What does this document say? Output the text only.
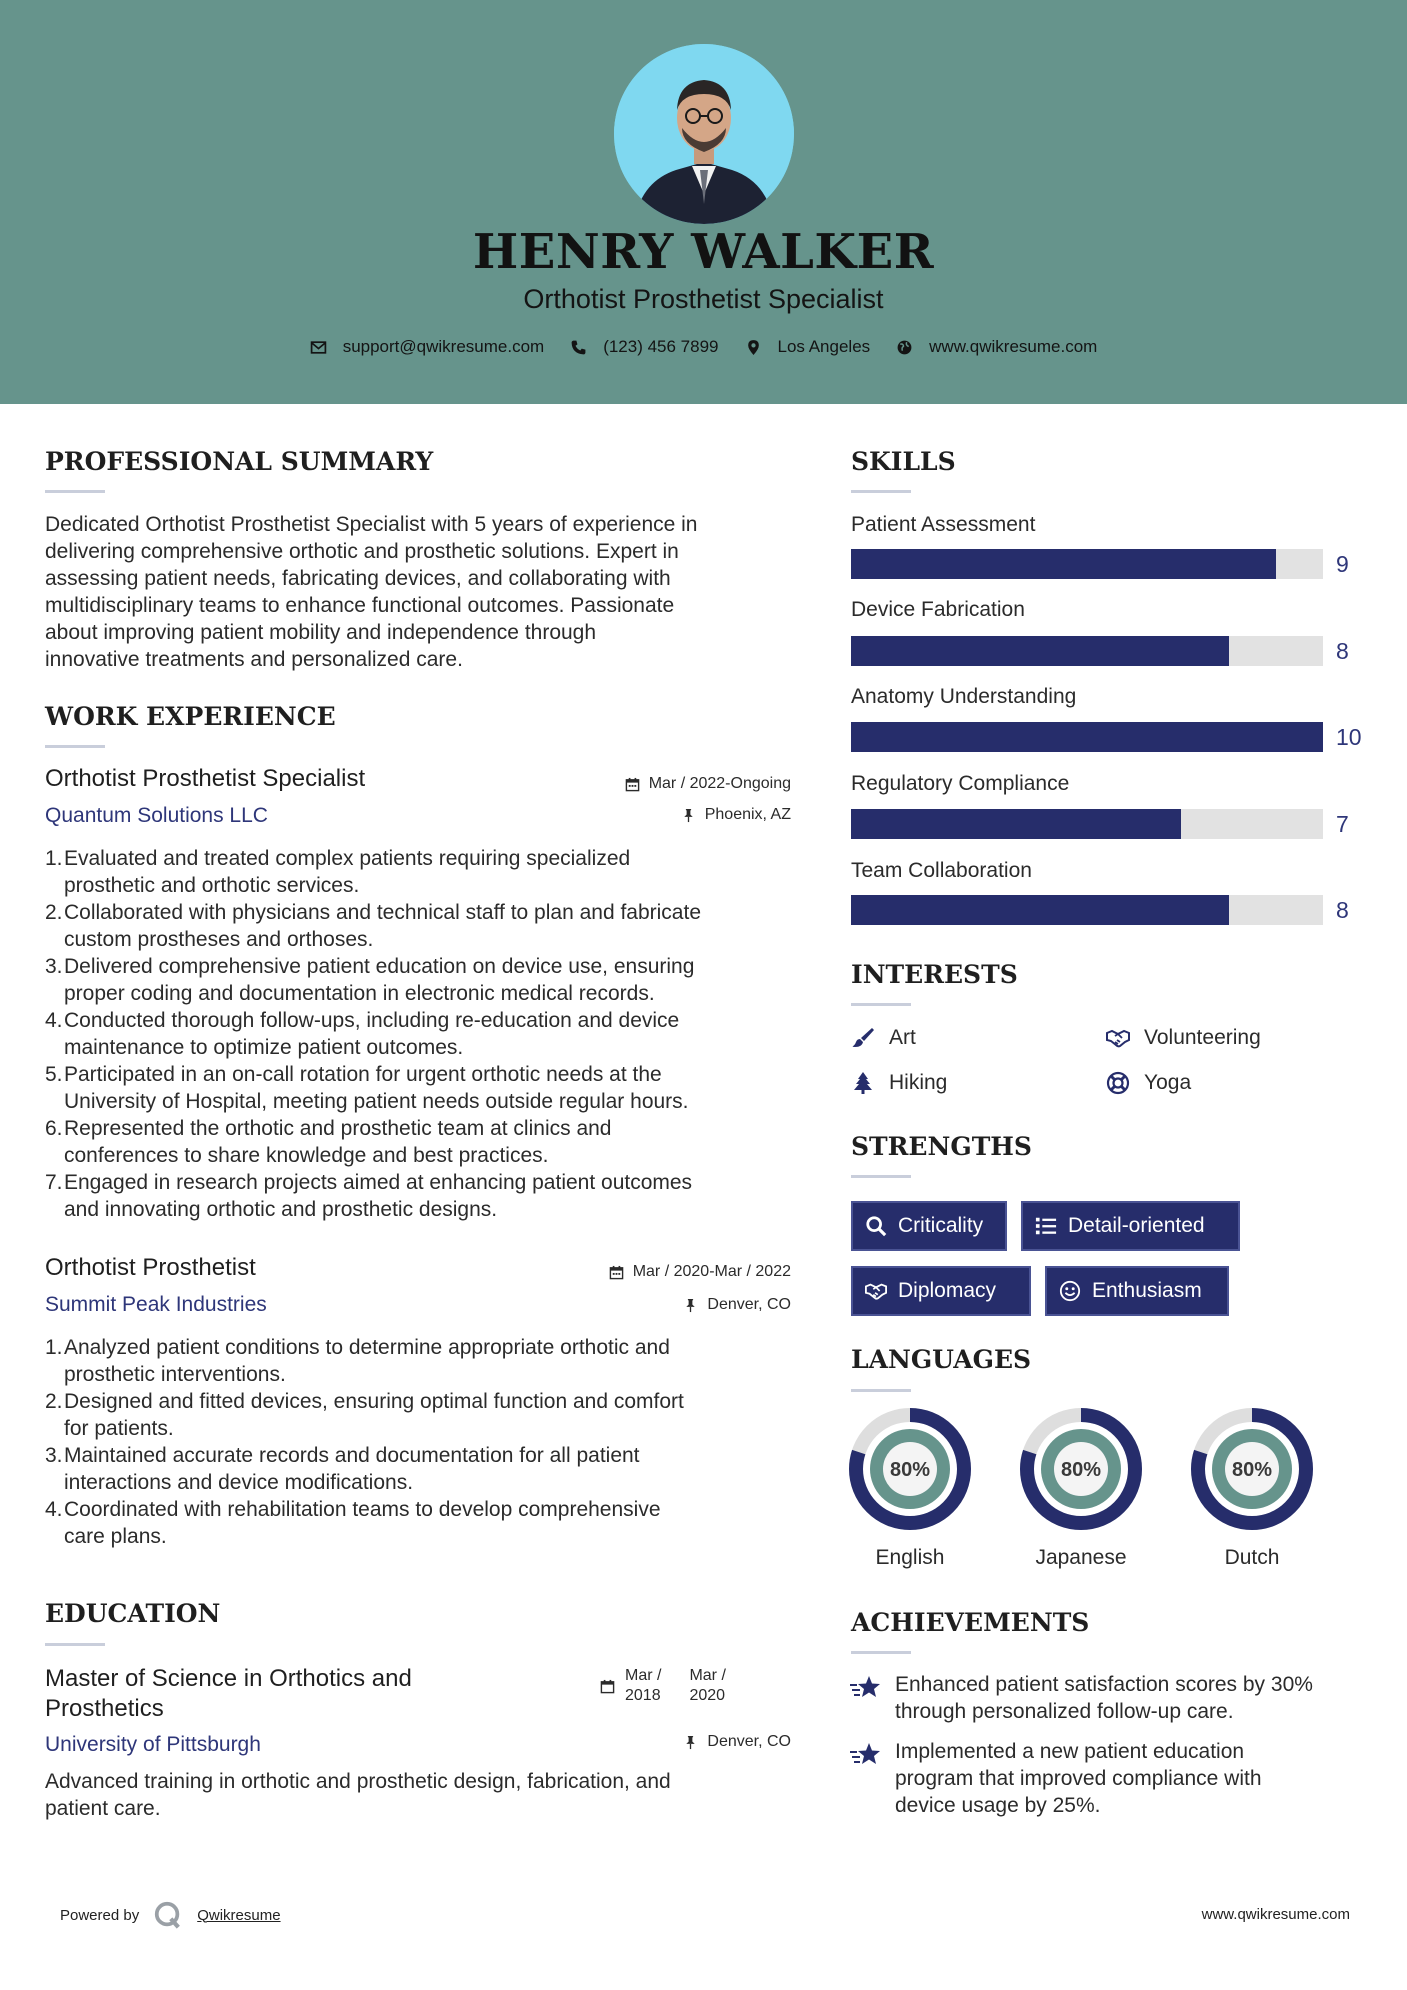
HENRY WALKER
Orthotist Prosthetist Specialist
support@qwikresume.com	(123) 456 7899	Los Angeles	www.qwikresume.com
PROFESSIONAL SUMMARY
Dedicated Orthotist Prosthetist Specialist with 5 years of experience in
delivering comprehensive orthotic and prosthetic solutions. Expert in
assessing patient needs, fabricating devices, and collaborating with
multidisciplinary teams to enhance functional outcomes. Passionate
about improving patient mobility and independence through
innovative treatments and personalized care.
WORK EXPERIENCE
Orthotist Prosthetist Specialist
Quantum Solutions LLC
Mar / 2022-Ongoing
Phoenix, AZ
1. Evaluated and treated complex patients requiring specialized
prosthetic and orthotic services.
2. Collaborated with physicians and technical staff to plan and fabricate
custom prostheses and orthoses.
3. Delivered comprehensive patient education on device use, ensuring
proper coding and documentation in electronic medical records.
4. Conducted thorough follow-ups, including re-education and device
maintenance to optimize patient outcomes.
5. Participated in an on-call rotation for urgent orthotic needs at the
University of Hospital, meeting patient needs outside regular hours.
6. Represented the orthotic and prosthetic team at clinics and
conferences to share knowledge and best practices.
7. Engaged in research projects aimed at enhancing patient outcomes
and innovating orthotic and prosthetic designs.
Orthotist Prosthetist
Summit Peak Industries
Mar / 2020-Mar / 2022
Denver, CO
1. Analyzed patient conditions to determine appropriate orthotic and
prosthetic interventions.
2. Designed and fitted devices, ensuring optimal function and comfort
for patients.
3. Maintained accurate records and documentation for all patient
interactions and device modifications.
4. Coordinated with rehabilitation teams to develop comprehensive
care plans.
EDUCATION
Master of Science in Orthotics and
Prosthetics
University of Pittsburgh
Mar /
2018
Mar /
2020
Denver, CO
Advanced training in orthotic and prosthetic design, fabrication, and
patient care.
SKILLS
Patient Assessment
9
Device Fabrication
8
Anatomy Understanding
10
Regulatory Compliance
7
Team Collaboration
8
INTERESTS
Art	Volunteering
Hiking	Yoga
STRENGTHS
Criticality	Detail-oriented
Diplomacy	Enthusiasm
LANGUAGES
80%
English
80%
Japanese
80%
Dutch
ACHIEVEMENTS
Enhanced patient satisfaction scores by 30%
through personalized follow-up care.
Implemented a new patient education
program that improved compliance with
device usage by 25%.
Powered by	Qwikresume	www.qwikresume.com
